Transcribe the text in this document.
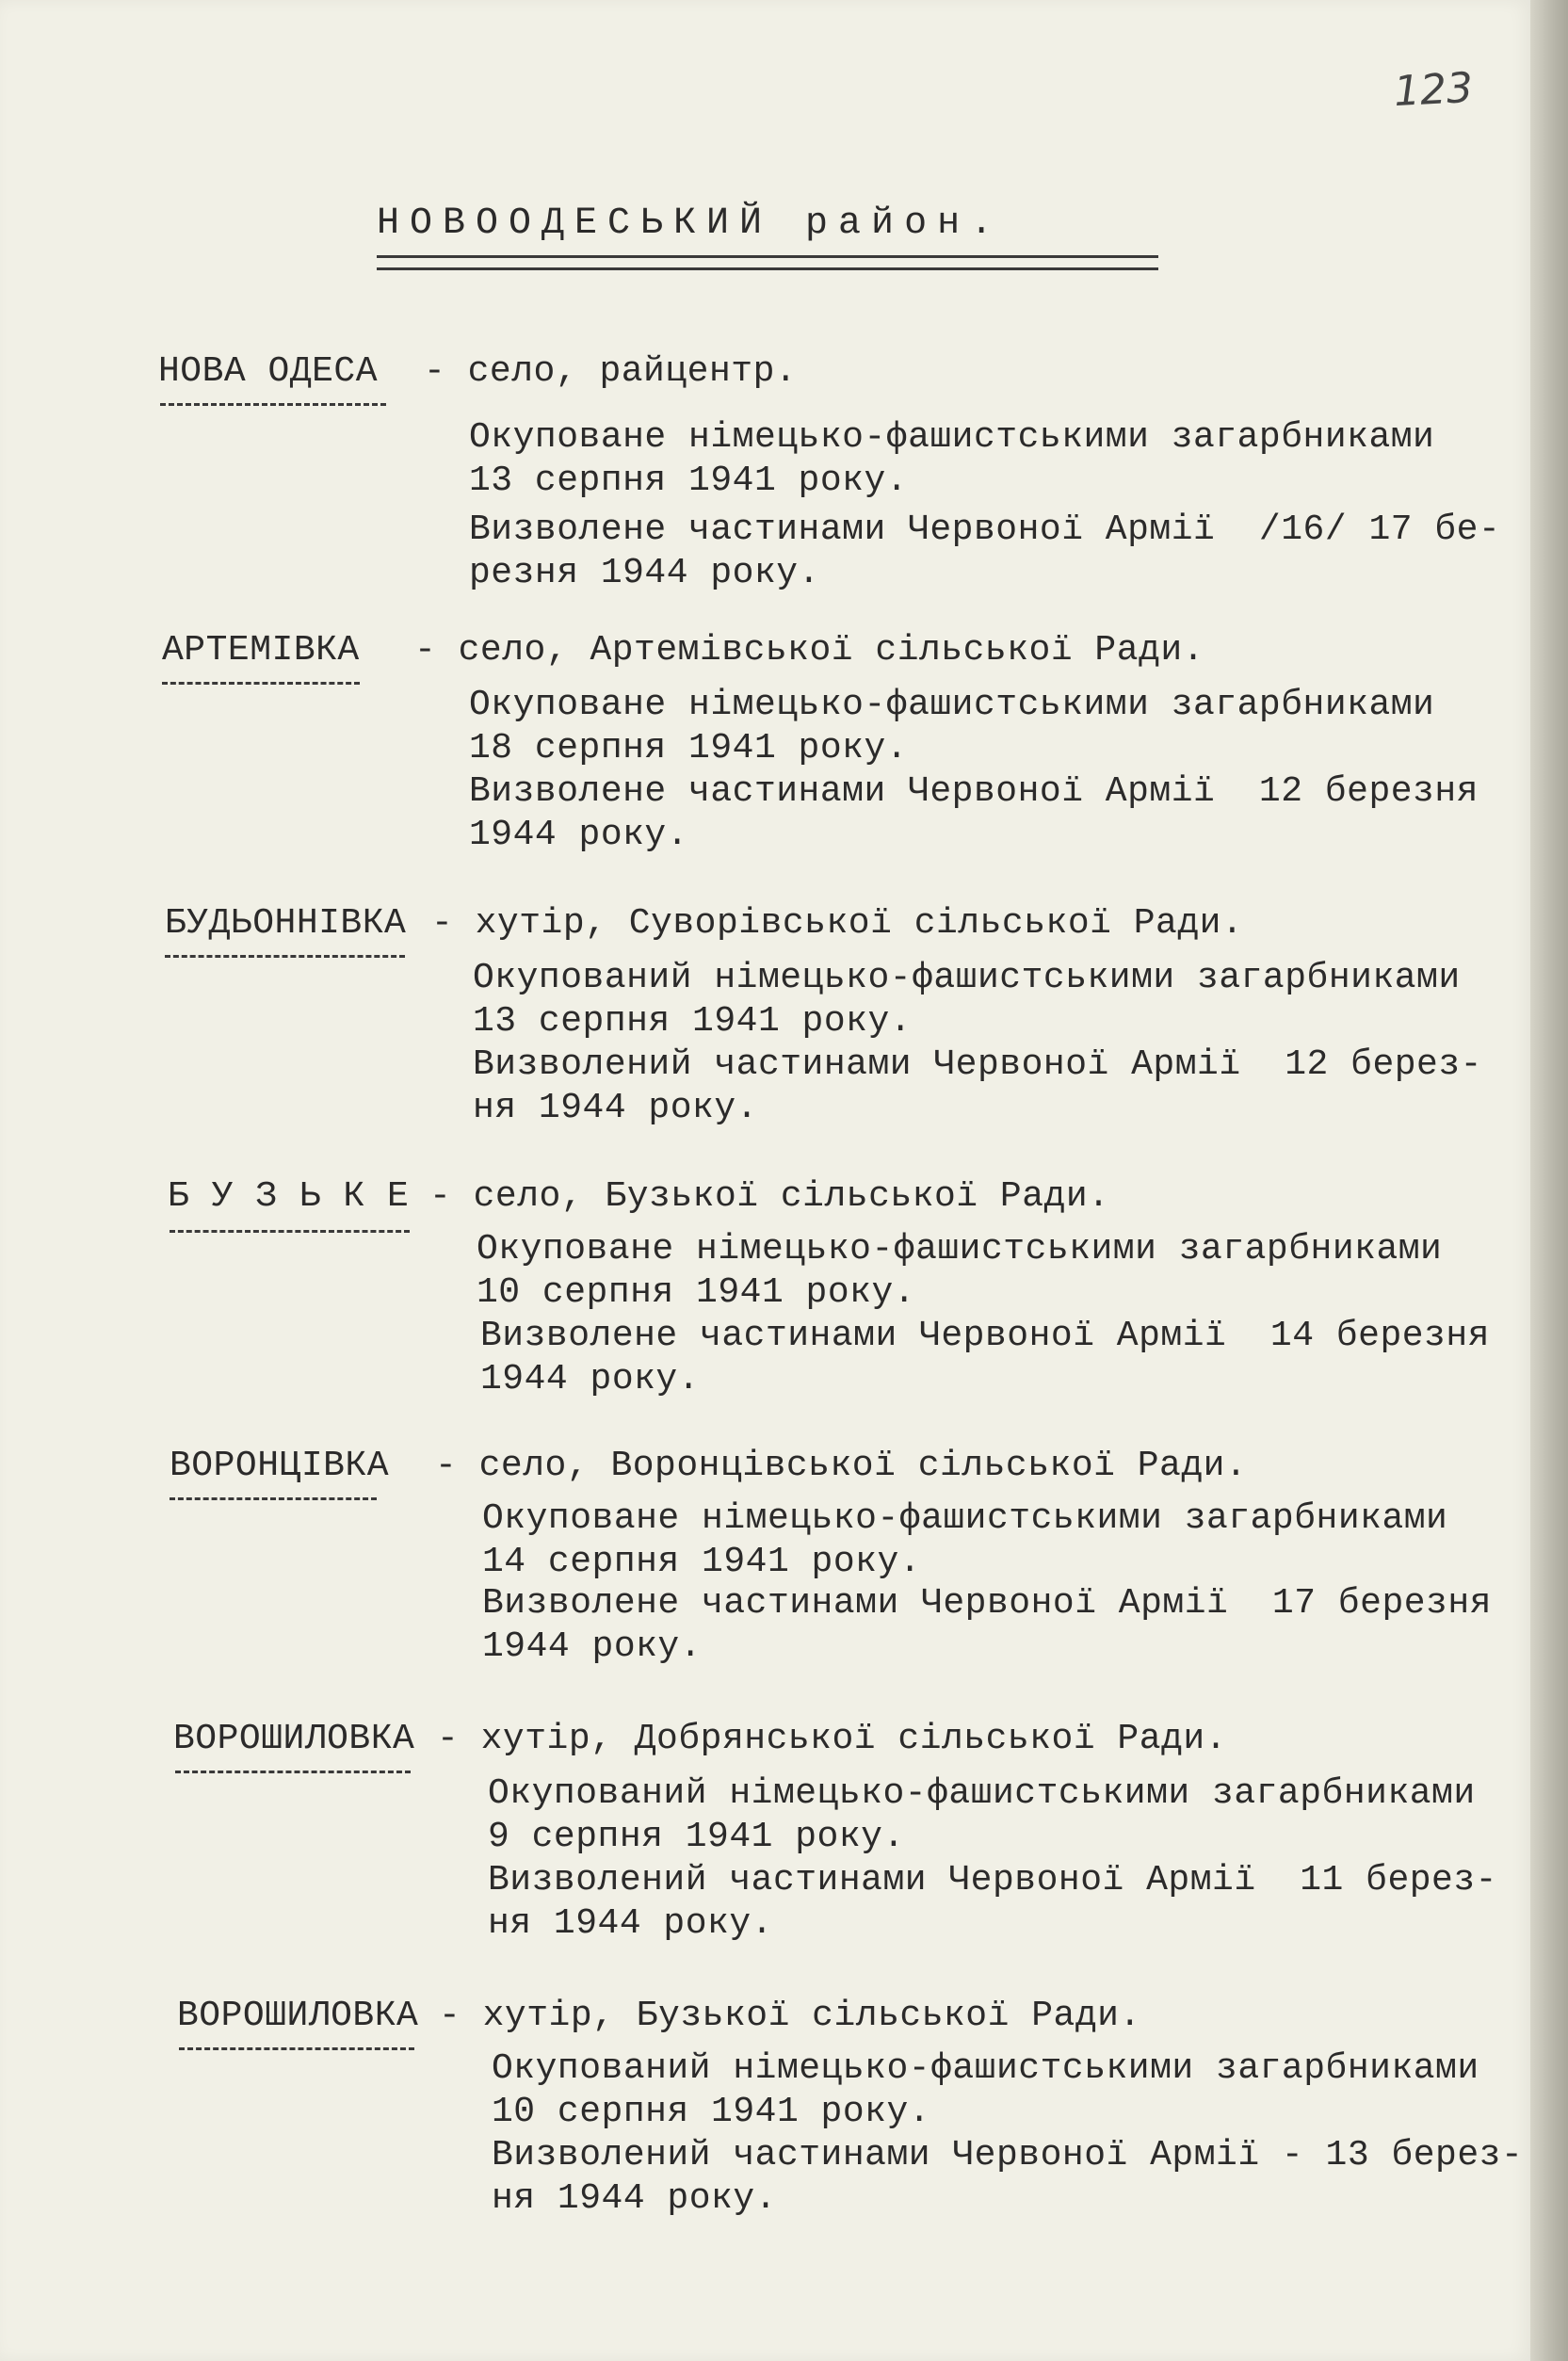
123
НОВООДЕСЬКИЙ район.
НОВА ОДЕСА - село, райцентр.
Окуповане німецько-фашистськими загарбниками
13 серпня 1941 року.
Визволене частинами Червоної Армії  /16/ 17 бе-
резня 1944 року.
АРТЕМІВКА - село, Артемівської сільської Ради.
Окуповане німецько-фашистськими загарбниками
18 серпня 1941 року.
Визволене частинами Червоної Армії  12 березня
1944 року.
БУДЬОННІВКА - хутір, Суворівської сільської Ради.
Окупований німецько-фашистськими загарбниками
13 серпня 1941 року.
Визволений частинами Червоної Армії  12 берез-
ня 1944 року.
Б У З Ь К Е - село, Бузької сільської Ради.
Окуповане німецько-фашистськими загарбниками
10 серпня 1941 року.
Визволене частинами Червоної Армії  14 березня
1944 року.
ВОРОНЦІВКА - село, Воронцівської сільської Ради.
Окуповане німецько-фашистськими загарбниками
14 серпня 1941 року.
Визволене частинами Червоної Армії  17 березня
1944 року.
ВОРОШИЛОВКА - хутір, Добрянської сільської Ради.
Окупований німецько-фашистськими загарбниками
9 серпня 1941 року.
Визволений частинами Червоної Армії  11 берез-
ня 1944 року.
ВОРОШИЛОВКА - хутір, Бузької сільської Ради.
Окупований німецько-фашистськими загарбниками
10 серпня 1941 року.
Визволений частинами Червоної Армії - 13 берез-
ня 1944 року.
